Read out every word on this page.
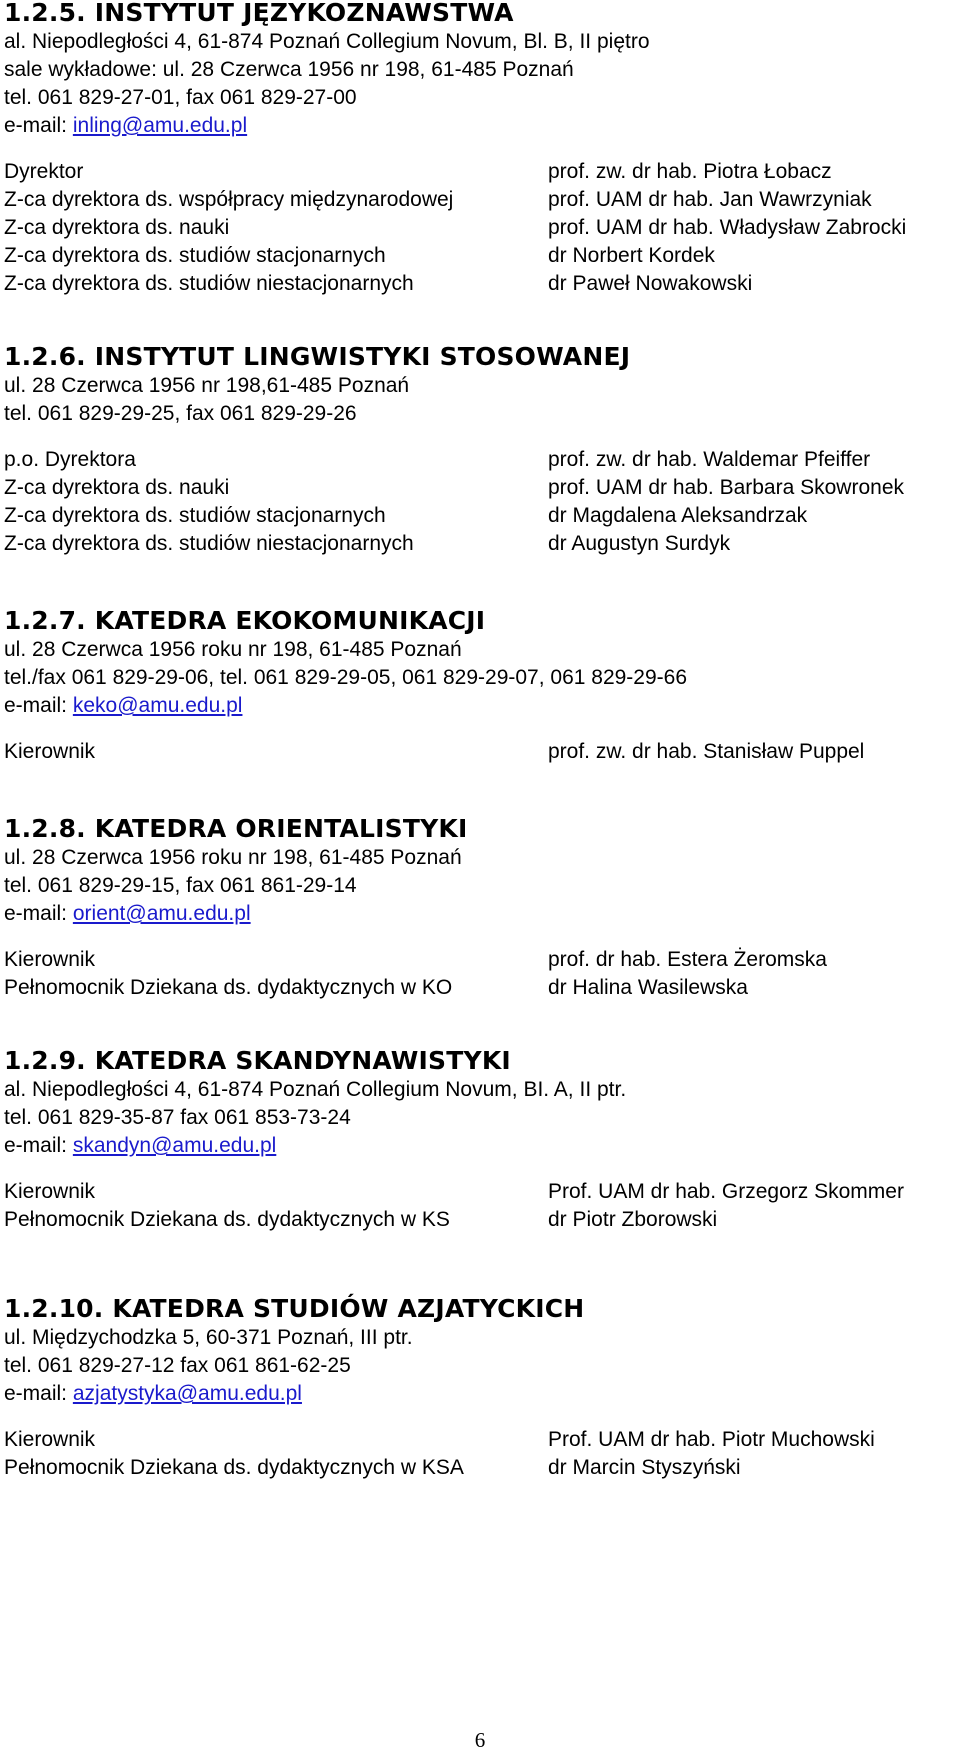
1.2.5. INSTYTUT JĘZYKOZNAWSTWA
al. Niepodległości 4, 61-874 Poznań Collegium Novum, Bl. B, II piętro
sale wykładowe: ul. 28 Czerwca 1956 nr 198, 61-485 Poznań
tel. 061 829-27-01, fax 061 829-27-00
e-mail: inling@amu.edu.pl
Dyrektor	prof. zw. dr hab. Piotra Łobacz
Z-ca dyrektora ds. współpracy międzynarodowej	prof. UAM dr hab. Jan Wawrzyniak
Z-ca dyrektora ds. nauki	prof. UAM dr hab. Władysław Zabrocki
Z-ca dyrektora ds. studiów stacjonarnych	dr Norbert Kordek
Z-ca dyrektora ds. studiów niestacjonarnych	dr Paweł Nowakowski
1.2.6. INSTYTUT LINGWISTYKI STOSOWANEJ
ul. 28 Czerwca 1956 nr 198,61-485 Poznań
tel. 061 829-29-25, fax 061 829-29-26
p.o. Dyrektora	prof. zw. dr hab. Waldemar Pfeiffer
Z-ca dyrektora ds. nauki	prof. UAM dr hab. Barbara Skowronek
Z-ca dyrektora ds. studiów stacjonarnych	dr Magdalena Aleksandrzak
Z-ca dyrektora ds. studiów niestacjonarnych	dr Augustyn Surdyk
1.2.7. KATEDRA EKOKOMUNIKACJI
ul. 28 Czerwca 1956 roku nr 198, 61-485 Poznań
tel./fax 061 829-29-06, tel. 061 829-29-05, 061 829-29-07, 061 829-29-66
e-mail: keko@amu.edu.pl
Kierownik	prof. zw. dr hab. Stanisław Puppel
1.2.8. KATEDRA ORIENTALISTYKI
ul. 28 Czerwca 1956 roku nr 198, 61-485 Poznań
tel. 061 829-29-15, fax 061 861-29-14
e-mail: orient@amu.edu.pl
Kierownik	prof. dr hab. Estera Żeromska
Pełnomocnik Dziekana ds. dydaktycznych w KO	dr Halina Wasilewska
1.2.9. KATEDRA SKANDYNAWISTYKI
al. Niepodległości 4, 61-874 Poznań Collegium Novum, BI. A, II ptr.
tel. 061 829-35-87 fax 061 853-73-24
e-mail: skandyn@amu.edu.pl
Kierownik	Prof. UAM dr hab. Grzegorz Skommer
Pełnomocnik Dziekana ds. dydaktycznych w KS	dr Piotr Zborowski
1.2.10. KATEDRA STUDIÓW AZJATYCKICH
ul. Międzychodzka 5, 60-371 Poznań, III ptr.
tel. 061 829-27-12 fax 061 861-62-25
e-mail: azjatystyka@amu.edu.pl
Kierownik	Prof. UAM dr hab. Piotr Muchowski
Pełnomocnik Dziekana ds. dydaktycznych w KSA	dr Marcin Styszyński
6
